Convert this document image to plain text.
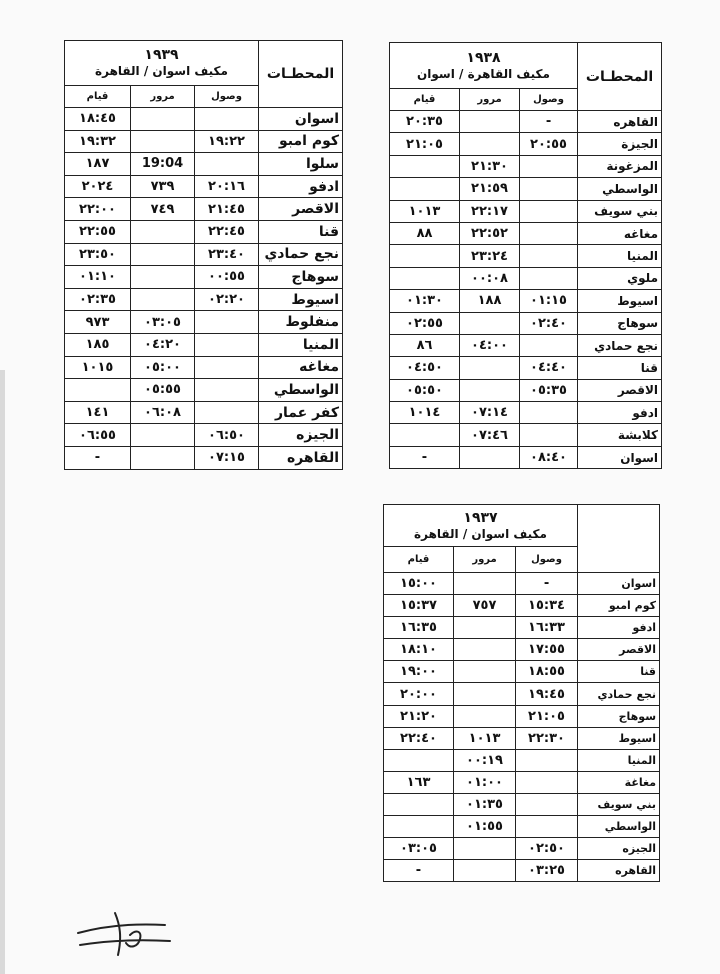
المحطـات	١٩٣٩
مكيف اسوان / القاهرة		
	وصول	مرور	قيام
اسوان			١٨:٤٥
كوم امبو	١٩:٢٢		١٩:٣٢
سلوا		19:04	١٨٧
ادفو	٢٠:١٦	٧٣٩	٢٠٢٤
الاقصر	٢١:٤٥	٧٤٩	٢٢:٠٠
قنا	٢٢:٤٥		٢٢:٥٥
نجع حمادي	٢٣:٤٠		٢٣:٥٠
سوهاج	٠٠:٥٥		٠١:١٠
اسيوط	٠٢:٢٠		٠٢:٣٥
منفلوط		٠٣:٠٥	٩٧٣
المنيا		٠٤:٢٠	١٨٥
مغاغه		٠٥:٠٠	١٠١٥
الواسطي		٠٥:٥٥	
كفر عمار		٠٦:٠٨	١٤١
الجيزه	٠٦:٥٠		٠٦:٥٥
القاهره	٠٧:١٥		-
المحطـات	١٩٣٨
مكيف القاهرة / اسوان		
	وصول	مرور	قيام
القاهره	-		٢٠:٣٥
الجيزة	٢٠:٥٥		٢١:٠٥
المزغونة		٢١:٣٠	
الواسطي		٢١:٥٩	
بني سويف		٢٢:١٧	١٠١٣
مغاغه		٢٢:٥٢	٨٨
المنيا		٢٣:٢٤	
ملوي		٠٠:٠٨	
اسيوط	٠١:١٥	١٨٨	٠١:٣٠
سوهاج	٠٢:٤٠		٠٢:٥٥
نجع حمادي		٠٤:٠٠	٨٦
قنا	٠٤:٤٠		٠٤:٥٠
الاقصر	٠٥:٣٥		٠٥:٥٠
ادفو		٠٧:١٤	١٠١٤
كلابشة		٠٧:٤٦	
اسوان	٠٨:٤٠		-

	١٩٣٧
مكيف اسوان / القاهرة		
	وصول	مرور	قيام
اسوان	-		١٥:٠٠
كوم امبو	١٥:٣٤	٧٥٧	١٥:٣٧
ادفو	١٦:٣٣		١٦:٣٥
الاقصر	١٧:٥٥		١٨:١٠
قنا	١٨:٥٥		١٩:٠٠
نجع حمادي	١٩:٤٥		٢٠:٠٠
سوهاج	٢١:٠٥		٢١:٢٠
اسيوط	٢٢:٣٠	١٠١٣	٢٢:٤٠
المنيا		٠٠:١٩	
مغاغة		٠١:٠٠	١٦٣
بني سويف		٠١:٣٥	
الواسطي		٠١:٥٥	
الجيزه	٠٢:٥٠		٠٣:٠٥
القاهره	٠٣:٢٥		-
